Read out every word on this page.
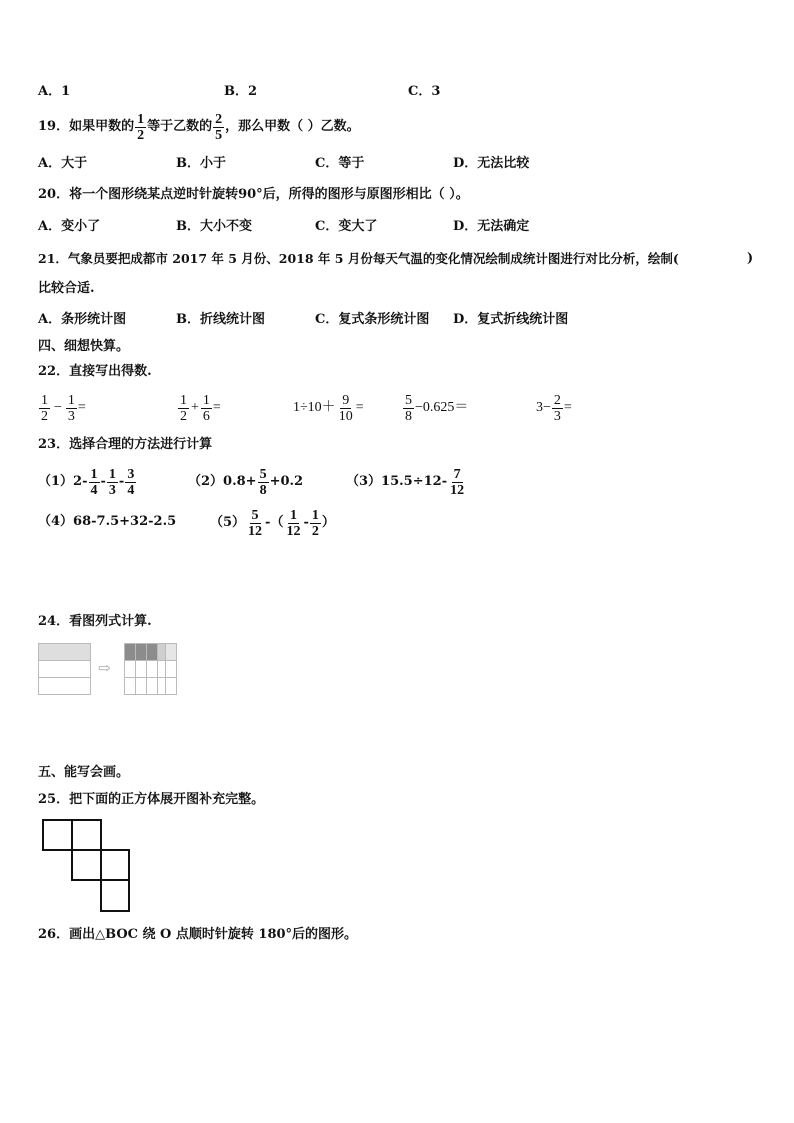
A．1	B．2	C．3
19． 如果甲数的 $\frac{1}{2}$ 等于乙数的 $\frac{2}{5}$ ，那么甲数（ ）乙数。
A．大于	B．小于	C．等于	D．无法比较
20．将一个图形绕某点逆时针旋转90°后，所得的图形与原图形相比（ ）。
A．变小了	B．大小不变	C．变大了	D．无法确定
21．气象员要把成都市 2017 年 5 月份、2018 年 5 月份每天气温的变化情况绘制成统计图进行对比分析，绘制(	)
比较合适.
A．条形统计图	B．折线统计图	C．复式条形统计图 D．复式折线统计图
四、细想快算。
22．直接写出得数.
$\frac{1}{2} - \frac{1}{3}$ =	$\frac{1}{2} + \frac{1}{6}$ =	$1\div 10+ \frac{9}{10}$ =	$\frac{5}{8} -0.625=$	$3- \frac{2}{3}$ =
23．选择合理的方法进行计算
$(1)2- \frac{1}{4} - \frac{1}{3} - \frac{3}{4}$	$(2)0.8+ \frac{5}{8} +0.2$	$(3)15.5\div 12- \frac{7}{12}$
（4）68-7.5+32-2.5	$(5) \frac{5}{12}$ -（ $\frac{1}{12} - \frac{1}{2}$ ）
24．看图列式计算.
⇨
五、能写会画。
25．把下面的正方体展开图补充完整。
26．画出△BOC 绕 O 点顺时针旋转 180°后的图形。
